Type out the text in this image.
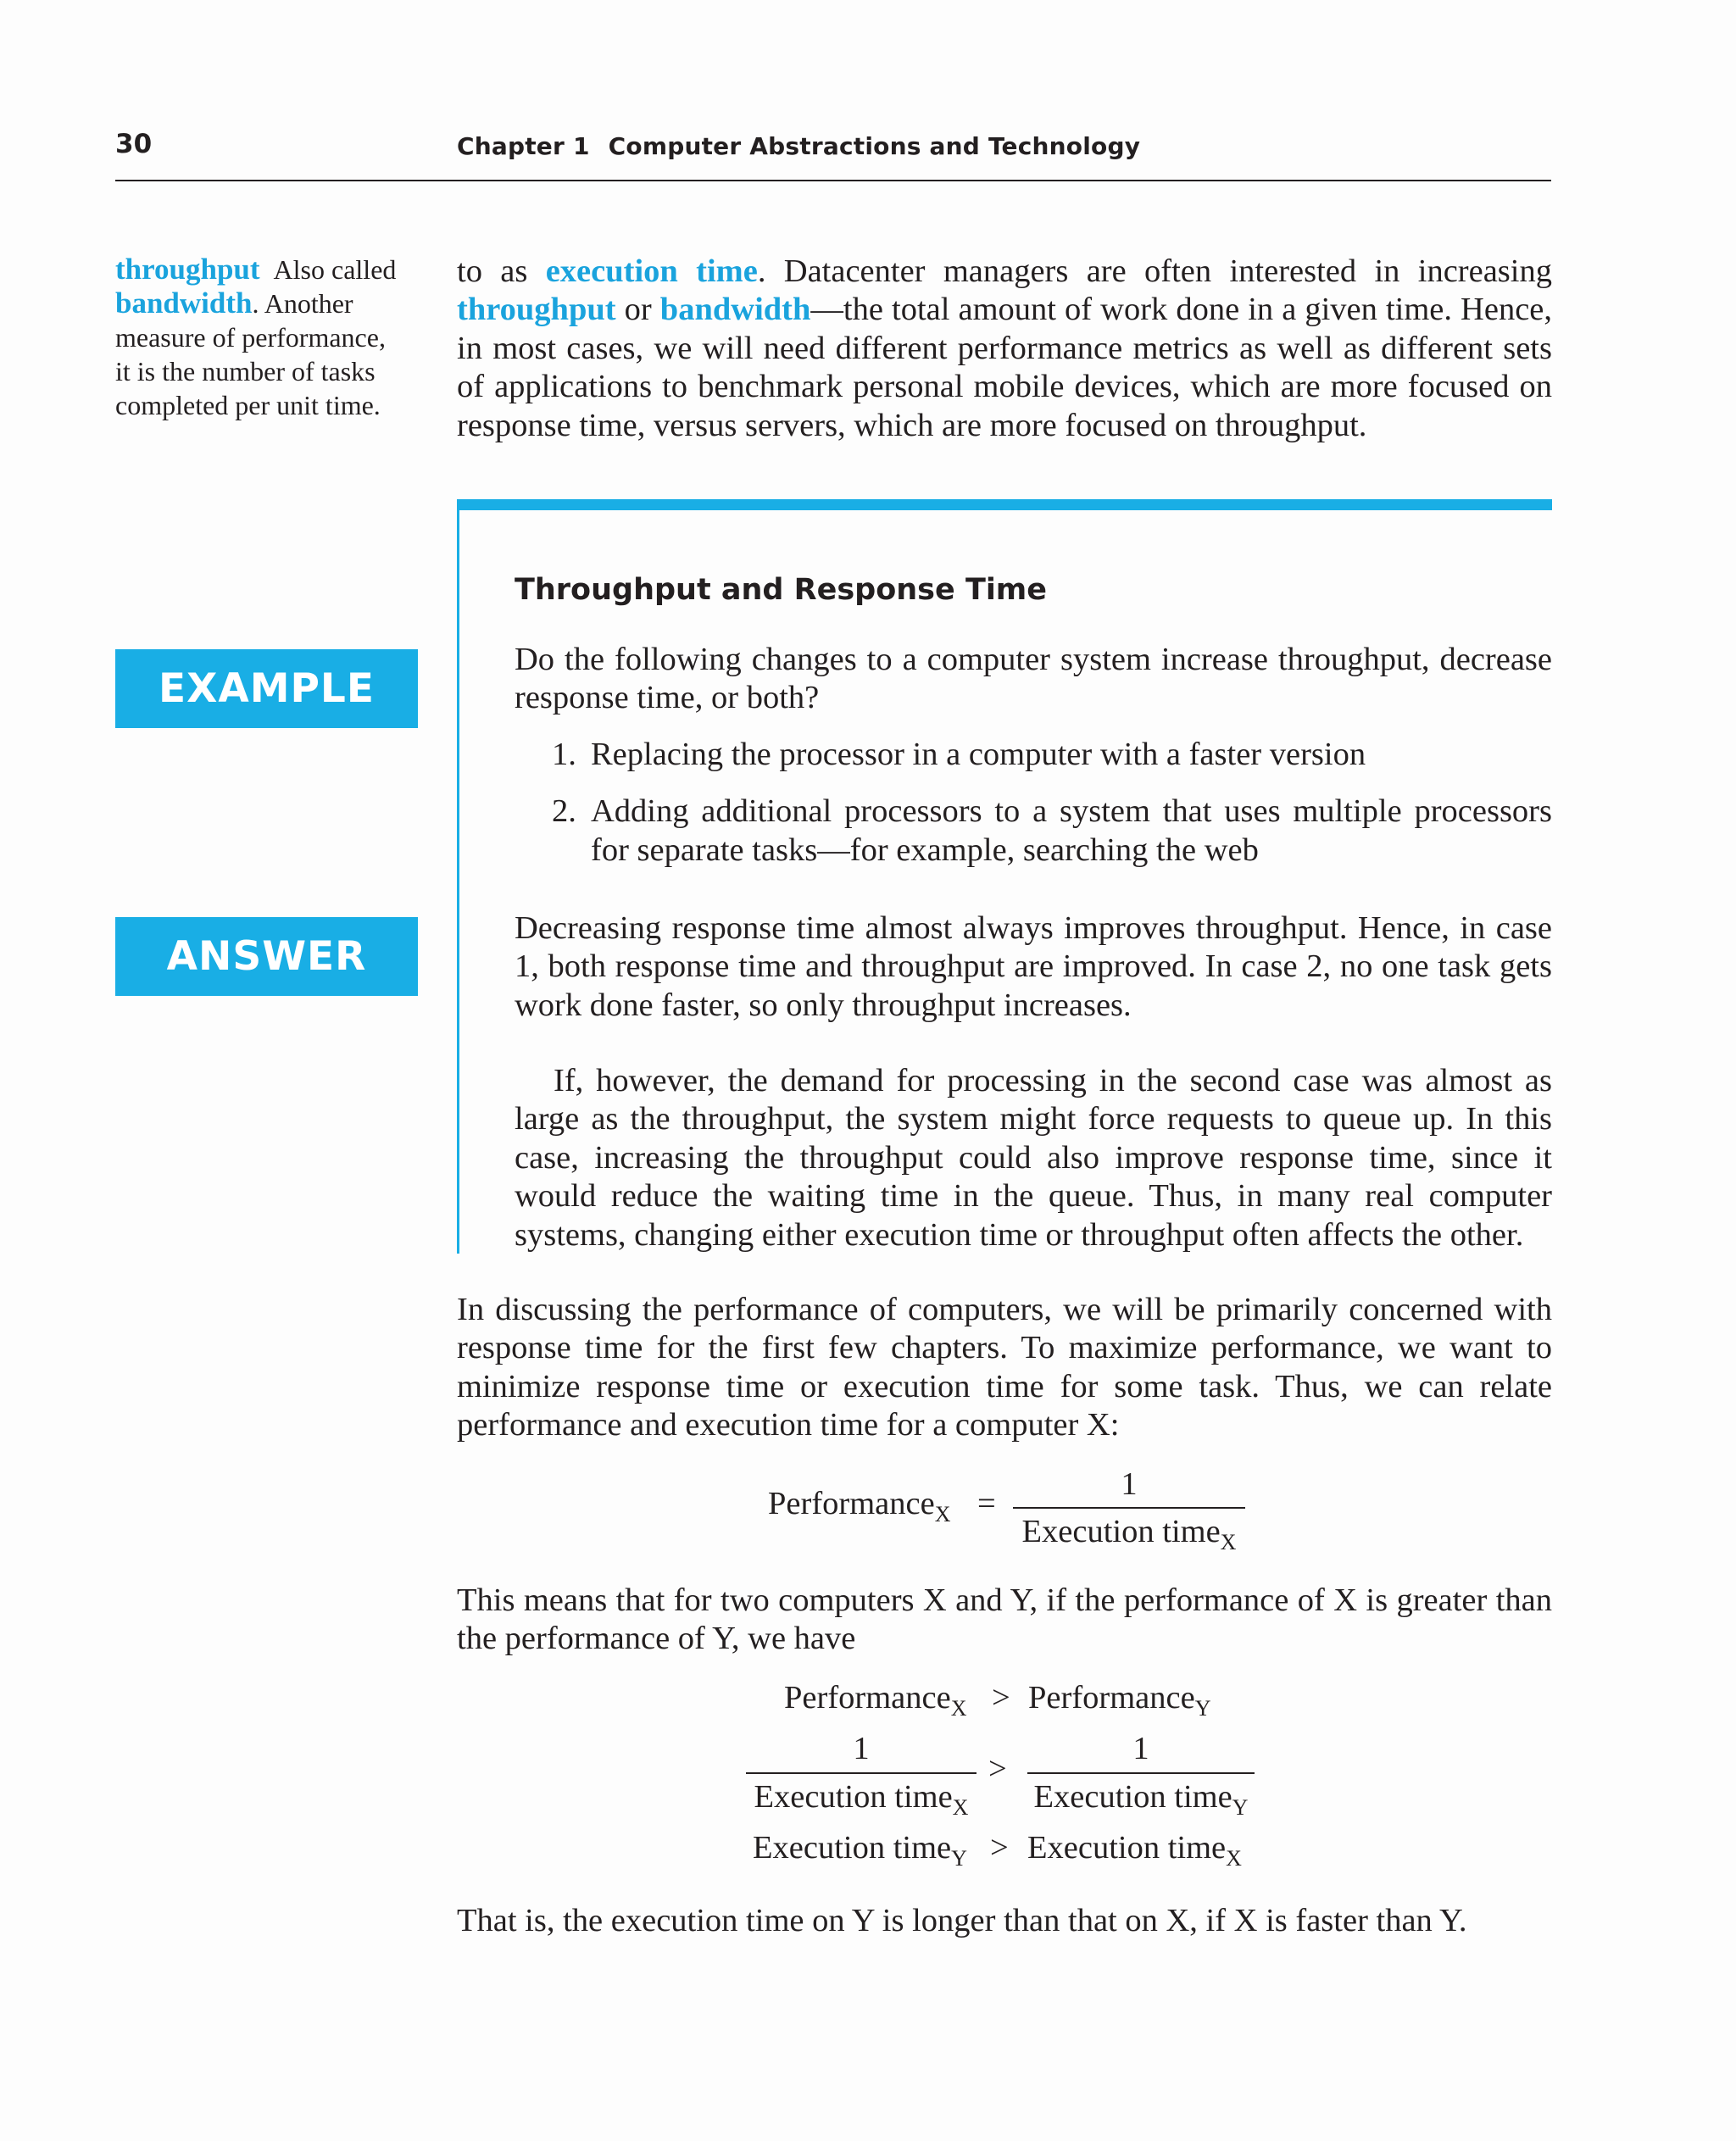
30	Chapter 1 Computer Abstractions and Technology
throughput Also called
bandwidth. Another
measure of performance,
it is the number of tasks
completed per unit time.

to as execution time. Datacenter managers are often interested in increasing throughput or bandwidth—the total amount of work done in a given time. Hence, in most cases, we will need different performance metrics as well as different sets of applications to benchmark personal mobile devices, which are more focused on response time, versus servers, which are more focused on throughput.

Throughput and Response Time
EXAMPLE
ANSWER

Do the following changes to a computer system increase throughput, decrease response time, or both?

1. Replacing the processor in a computer with a faster version
2. Adding additional processors to a system that uses multiple processors for separate tasks—for example, searching the web

Decreasing response time almost always improves throughput. Hence, in case 1, both response time and throughput are improved. In case 2, no one task gets work done faster, so only throughput increases.

If, however, the demand for processing in the second case was almost as large as the throughput, the system might force requests to queue up. In this case, increasing the throughput could also improve response time, since it would reduce the waiting time in the queue. Thus, in many real computer systems, changing either execution time or throughput often affects the other.

In discussing the performance of computers, we will be primarily concerned with response time for the first few chapters. To maximize performance, we want to minimize response time or execution time for some task. Thus, we can relate performance and execution time for a computer X:

Performance$_X$ =
1
Execution time$_X$

This means that for two computers X and Y, if the performance of X is greater than the performance of Y, we have

Performance$_X$ > Performance$_Y$
1
Execution time$_X$
>
1
Execution time$_Y$
Execution time$_Y$ > Execution time$_X$

That is, the execution time on Y is longer than that on X, if X is faster than Y.
